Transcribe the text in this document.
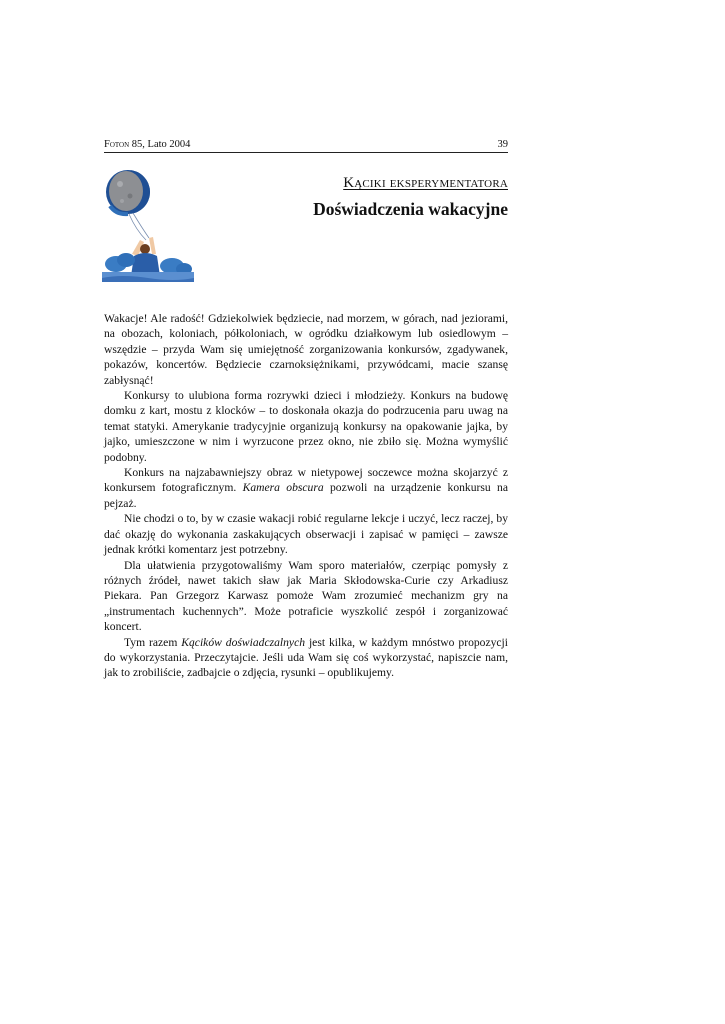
Foton 85, Lato 2004	39
Kąciki eksperymentatora
Doświadczenia wakacyjne

Wakacje! Ale radość! Gdziekolwiek będziecie, nad morzem, w górach, nad jeziorami, na obozach, koloniach, półkoloniach, w ogródku działkowym lub osiedlowym – wszędzie – przyda Wam się umiejętność zorganizowania konkursów, zgadywanek, pokazów, koncertów. Będziecie czarnoksiężnikami, przywódcami, macie szansę zabłysnąć!

Konkursy to ulubiona forma rozrywki dzieci i młodzieży. Konkurs na budowę domku z kart, mostu z klocków – to doskonała okazja do podrzucenia paru uwag na temat statyki. Amerykanie tradycyjnie organizują konkursy na opakowanie jajka, by jajko, umieszczone w nim i wyrzucone przez okno, nie zbiło się. Można wymyślić podobny.

Konkurs na najzabawniejszy obraz w nietypowej soczewce można skojarzyć z konkursem fotograficznym. Kamera obscura pozwoli na urządzenie konkursu na pejzaż.

Nie chodzi o to, by w czasie wakacji robić regularne lekcje i uczyć, lecz raczej, by dać okazję do wykonania zaskakujących obserwacji i zapisać w pamięci – zawsze jednak krótki komentarz jest potrzebny.

Dla ułatwienia przygotowaliśmy Wam sporo materiałów, czerpiąc pomysły z różnych źródeł, nawet takich sław jak Maria Skłodowska-Curie czy Arkadiusz Piekara. Pan Grzegorz Karwasz pomoże Wam zrozumieć mechanizm gry na „instrumentach kuchennych”. Może potraficie wyszkolić zespół i zorganizować koncert.

Tym razem Kącików doświadczalnych jest kilka, w każdym mnóstwo propozycji do wykorzystania. Przeczytajcie. Jeśli uda Wam się coś wykorzystać, napiszcie nam, jak to zrobiliście, zadbajcie o zdjęcia, rysunki – opublikujemy.
